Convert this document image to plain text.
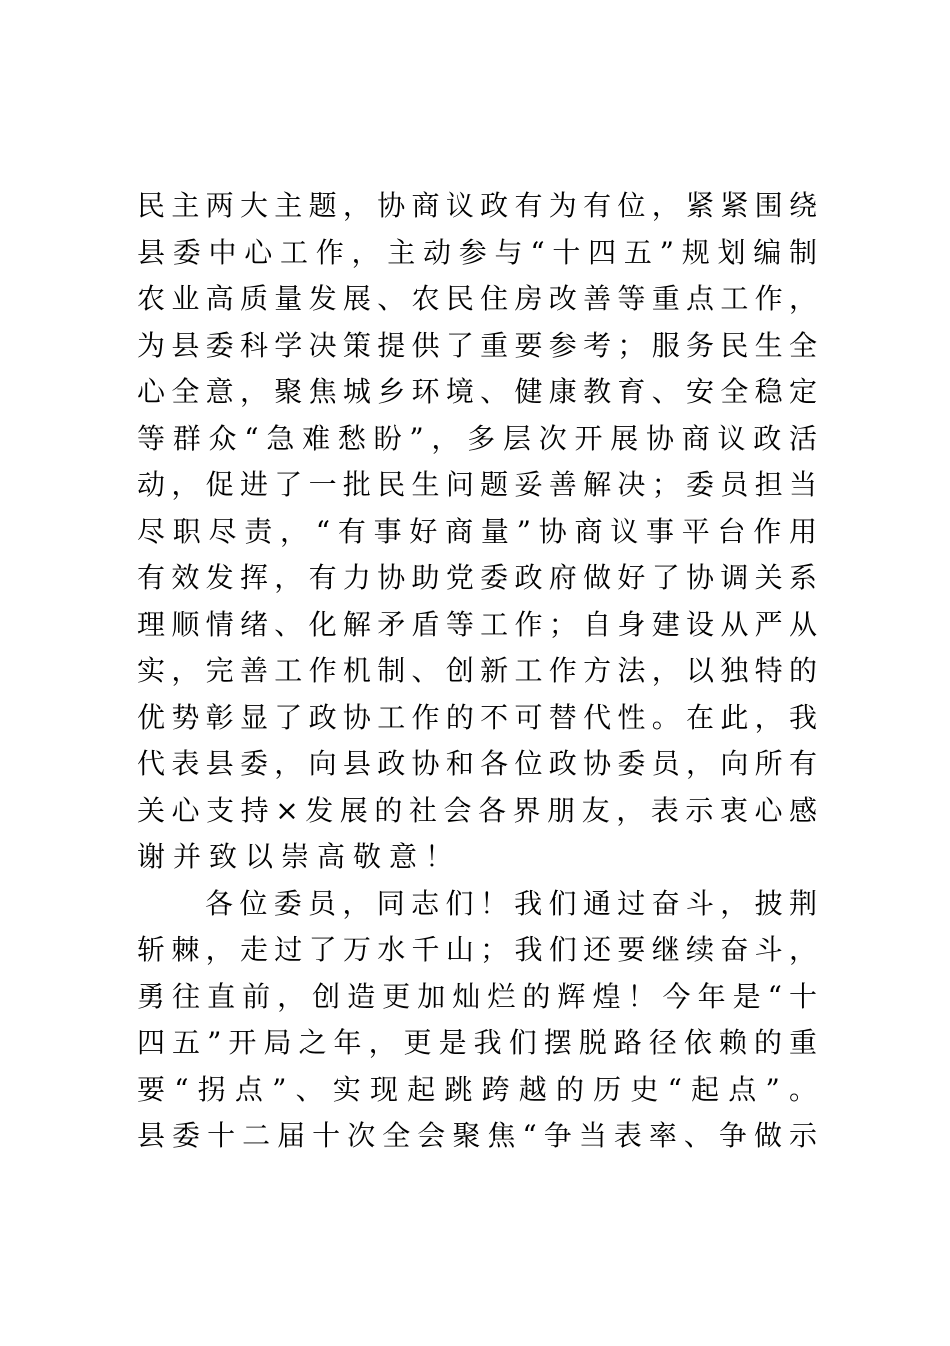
民主两大主题，协商议政有为有位，紧紧围绕
县委中心工作，主动参与“十四五”规划编制
农业高质量发展、农民住房改善等重点工作，
为县委科学决策提供了重要参考；服务民生全
心全意，聚焦城乡环境、健康教育、安全稳定
等群众“急难愁盼”，多层次开展协商议政活
动，促进了一批民生问题妥善解决；委员担当
尽职尽责，“有事好商量”协商议事平台作用
有效发挥，有力协助党委政府做好了协调关系
理顺情绪、化解矛盾等工作；自身建设从严从
实，完善工作机制、创新工作方法，以独特的
优势彰显了政协工作的不可替代性。在此，我
代表县委，向县政协和各位政协委员，向所有
关心支持×发展的社会各界朋友，表示衷心感
谢并致以崇高敬意！
各位委员，同志们！我们通过奋斗，披荆
斩棘，走过了万水千山；我们还要继续奋斗，
勇往直前，创造更加灿烂的辉煌！今年是“十
四五”开局之年，更是我们摆脱路径依赖的重
要“拐点”、实现起跳跨越的历史“起点”。
县委十二届十次全会聚焦“争当表率、争做示
